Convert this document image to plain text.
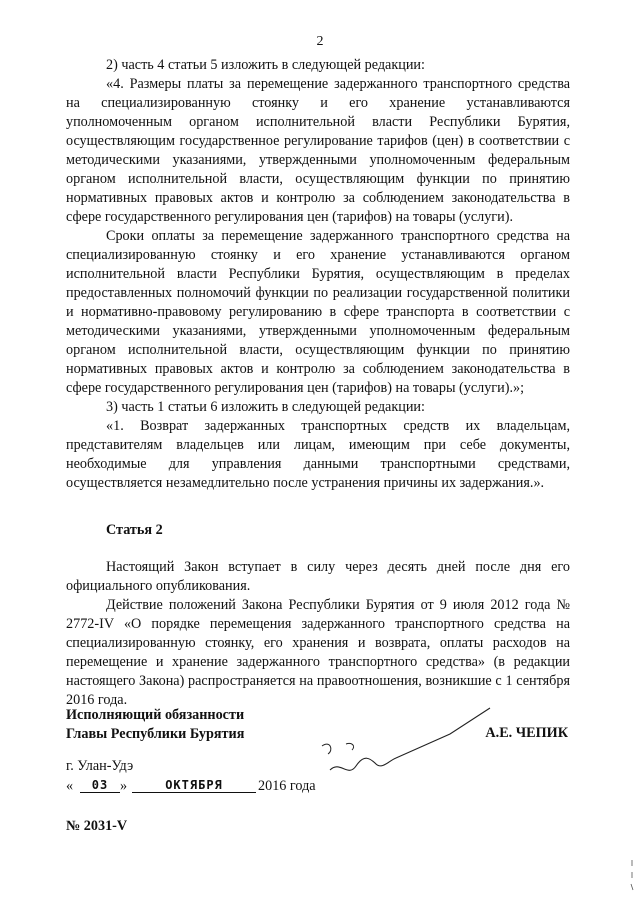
2

2) часть 4 статьи 5 изложить в следующей редакции:

«4. Размеры платы за перемещение задержанного транспортного средства на специализированную стоянку и его хранение устанавливаются уполномоченным органом исполнительной власти Республики Бурятия, осуществляющим государственное регулирование тарифов (цен) в соответствии с методическими указаниями, утвержденными уполномоченным федеральным органом исполнительной власти, осуществляющим функции по принятию нормативных правовых актов и контролю за соблюдением законодательства в сфере государственного регулирования цен (тарифов) на товары (услуги).

Сроки оплаты за перемещение задержанного транспортного средства на специализированную стоянку и его хранение устанавливаются органом исполнительной власти Республики Бурятия, осуществляющим в пределах предоставленных полномочий функции по реализации государственной политики и нормативно-правовому регулированию в сфере транспорта в соответствии с методическими указаниями, утвержденными уполномоченным федеральным органом исполнительной власти, осуществляющим функции по принятию нормативных правовых актов и контролю за соблюдением законодательства в сфере государственного регулирования цен (тарифов) на товары (услуги).»;

3) часть 1 статьи 6 изложить в следующей редакции:

«1. Возврат задержанных транспортных средств их владельцам, представителям владельцев или лицам, имеющим при себе документы, необходимые для управления данными транспортными средствами, осуществляется незамедлительно после устранения причины их задержания.».

Статья 2

Настоящий Закон вступает в силу через десять дней после дня его официального опубликования.

Действие положений Закона Республики Бурятия от 9 июля 2012 года № 2772-IV «О порядке перемещения задержанного транспортного средства на специализированную стоянку, его хранения и возврата, оплаты расходов на перемещение и хранение задержанного транспортного средства» (в редакции настоящего Закона) распространяется на правоотношения, возникшие с 1 сентября 2016 года.

Исполняющий обязанности
Главы Республики Бурятия	А.Е. ЧЕПИК
г. Улан-Удэ
«	03 »	ОКТЯБРЯ	2016 года
№ 2031-V
